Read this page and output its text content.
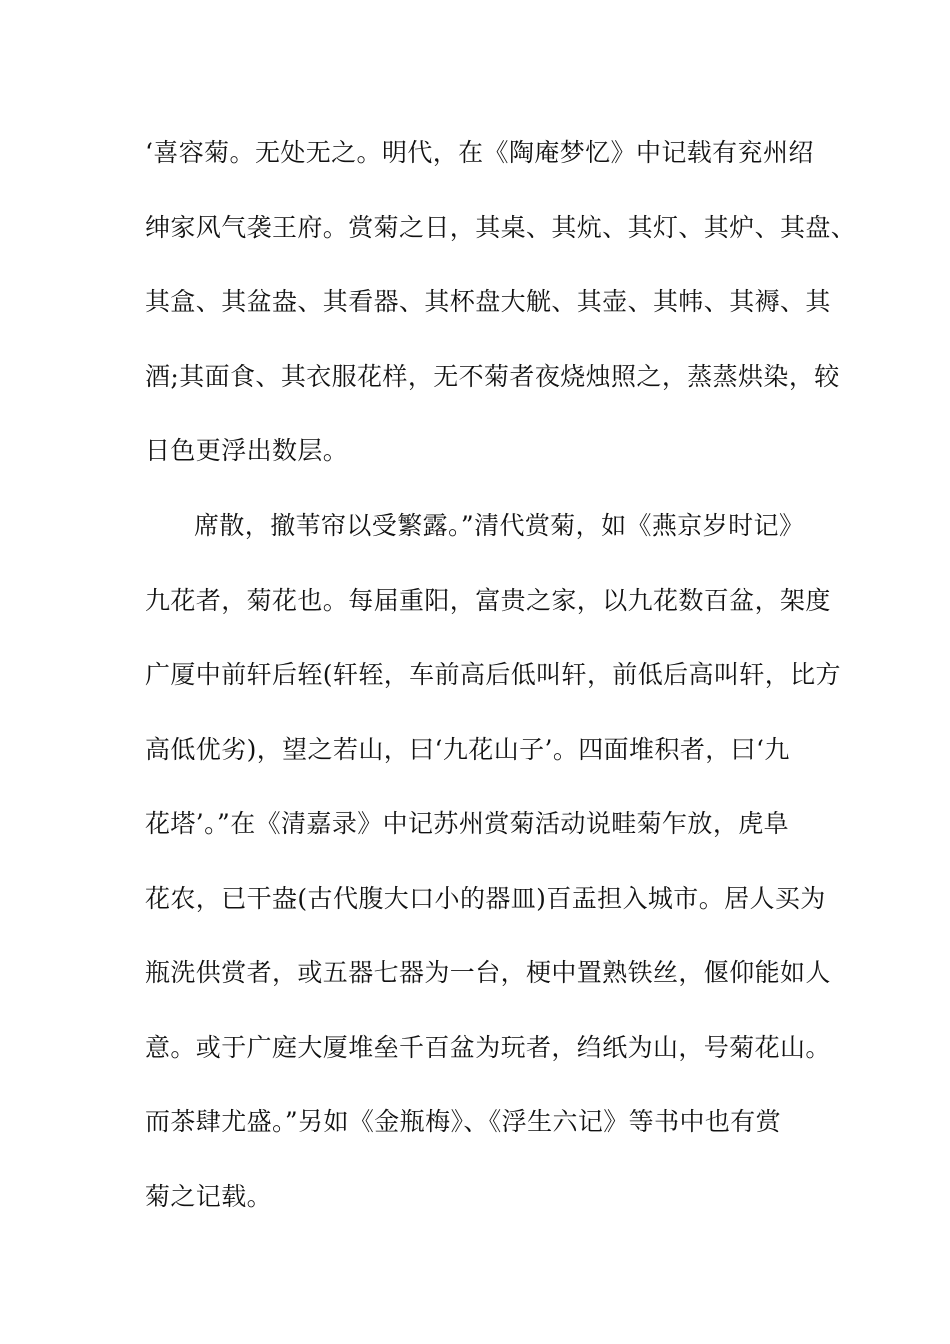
‘喜容菊。无处无之。明代，在《陶庵梦忆》中记载有兖州绍
绅家风气袭王府。赏菊之日，其桌、其炕、其灯、其炉、其盘、
其盒、其盆盎、其看器、其杯盘大觥、其壶、其帏、其褥、其
酒;其面食、其衣服花样，无不菊者夜烧烛照之，蒸蒸烘染，较
日色更浮出数层。
席散，撤苇帘以受繁露。”清代赏菊，如《燕京岁时记》
九花者，菊花也。每届重阳，富贵之家，以九花数百盆，架度
广厦中前轩后轾(轩轾，车前高后低叫轩，前低后高叫轩，比方
高低优劣)，望之若山，曰‘九花山子’。四面堆积者，曰‘九
花塔’。”在《清嘉录》中记苏州赏菊活动说畦菊乍放，虎阜
花农，已干盎(古代腹大口小的器皿)百盂担入城市。居人买为
瓶洗供赏者，或五器七器为一台，梗中置熟铁丝，偃仰能如人
意。或于广庭大厦堆垒千百盆为玩者，绉纸为山，号菊花山。
而茶肆尤盛。”另如《金瓶梅》、《浮生六记》等书中也有赏
菊之记载。
